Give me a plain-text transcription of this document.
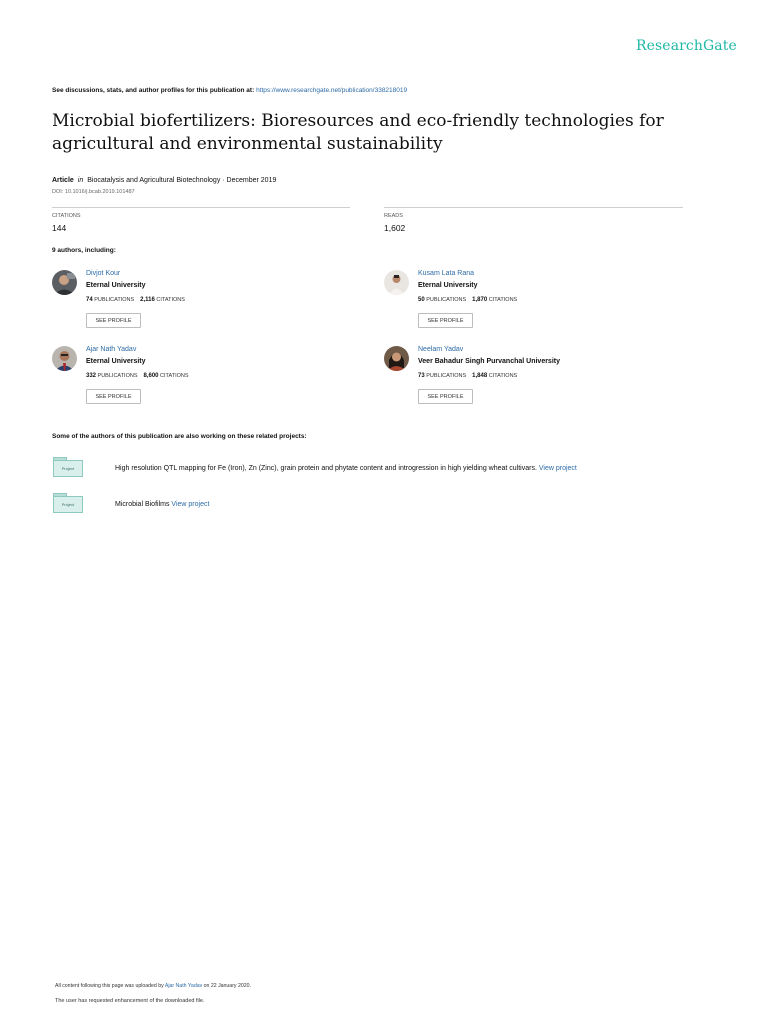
ResearchGate
See discussions, stats, and author profiles for this publication at: https://www.researchgate.net/publication/338218019
Microbial biofertilizers: Bioresources and eco-friendly technologies for agricultural and environmental sustainability
Article in Biocatalysis and Agricultural Biotechnology · December 2019
DOI: 10.1016/j.bcab.2019.101487
CITATIONS
144
READS
1,602
9 authors, including:
Divjot Kour
Eternal University
74 PUBLICATIONS 2,116 CITATIONS
SEE PROFILE
Kusam Lata Rana
Eternal University
50 PUBLICATIONS 1,870 CITATIONS
SEE PROFILE
Ajar Nath Yadav
Eternal University
332 PUBLICATIONS 8,600 CITATIONS
SEE PROFILE
Neelam Yadav
Veer Bahadur Singh Purvanchal University
73 PUBLICATIONS 1,848 CITATIONS
SEE PROFILE
Some of the authors of this publication are also working on these related projects:
Project	High resolution QTL mapping for Fe (Iron), Zn (Zinc), grain protein and phytate content and introgression in high yielding wheat cultivars. View project
Project	Microbial Biofilms View project
All content following this page was uploaded by Ajar Nath Yadav on 22 January 2020.
The user has requested enhancement of the downloaded file.
